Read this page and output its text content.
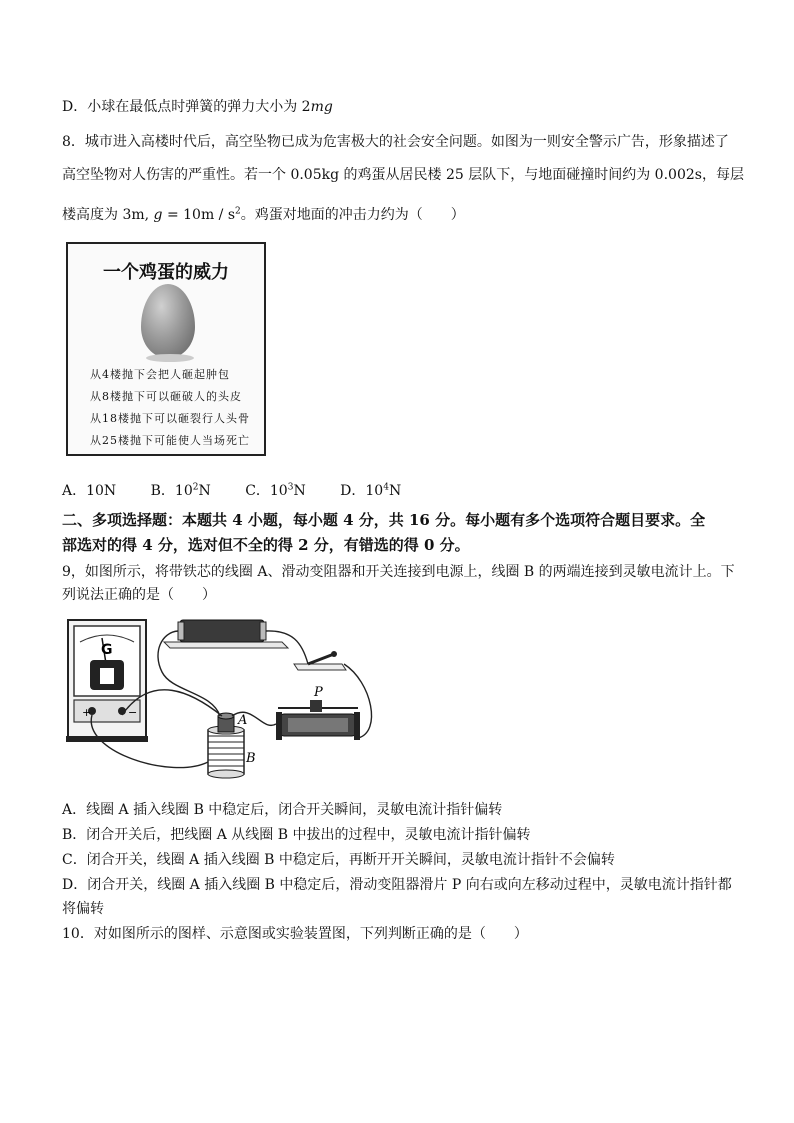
D．小球在最低点时弹簧的弹力大小为 2mg
8．城市进入高楼时代后，高空坠物已成为危害极大的社会安全问题。如图为一则安全警示广告，形象描述了
高空坠物对人伤害的严重性。若一个 0.05kg 的鸡蛋从居民楼 25 层队下，与地面碰撞时间约为 0.002s，每层
楼高度为 3m, $g = 10m / s^2$。鸡蛋对地面的冲击力约为（　　）
一个鸡蛋的威力
从4楼抛下会把人砸起肿包
从8楼抛下可以砸破人的头皮
从18楼抛下可以砸裂行人头骨
从25楼抛下可能使人当场死亡
A．10N B．$10^2N$ C．$10^3N$ D．$10^4N$
二、多项选择题：本题共 4 小题，每小题 4 分，共 16 分。每小题有多个选项符合题目要求。全
部选对的得 4 分，选对但不全的得 2 分，有错选的得 0 分。
9，如图所示，将带铁芯的线圈 A、滑动变阻器和开关连接到电源上，线圈 B 的两端连接到灵敏电流计上。下
列说法正确的是（　　）
G
+	−
P
A
B
A．线圈 A 插入线圈 B 中稳定后，闭合开关瞬间，灵敏电流计指针偏转
B．闭合开关后，把线圈 A 从线圈 B 中拔出的过程中，灵敏电流计指针偏转
C．闭合开关，线圈 A 插入线圈 B 中稳定后，再断开开关瞬间，灵敏电流计指针不会偏转
D．闭合开关，线圈 A 插入线圈 B 中稳定后，滑动变阻器滑片 P 向右或向左移动过程中，灵敏电流计指针都
将偏转
10．对如图所示的图样、示意图或实验装置图，下列判断正确的是（　　）
